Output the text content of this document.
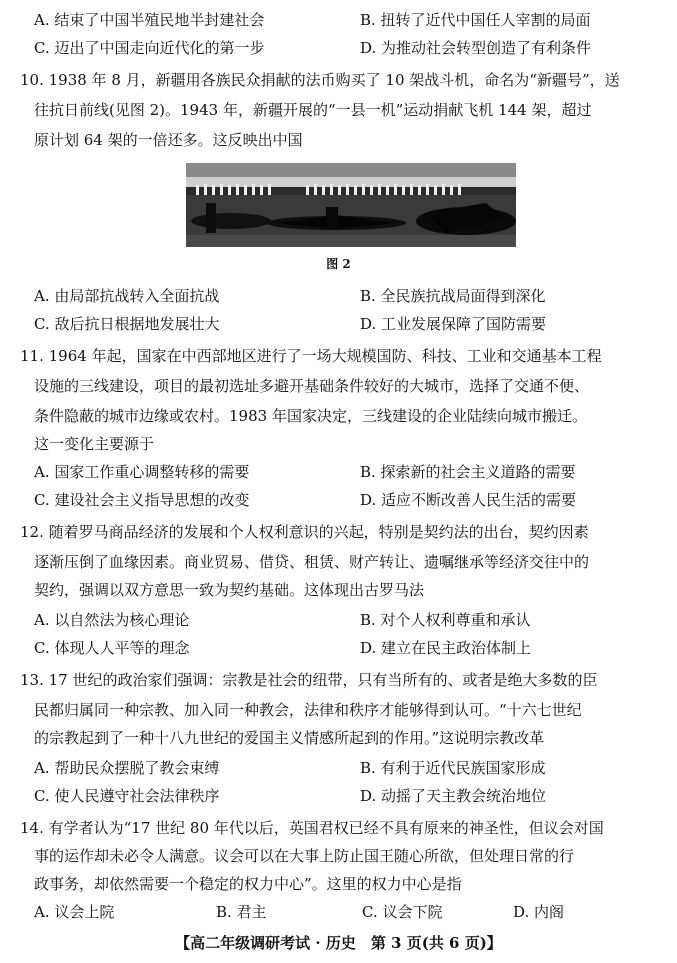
A. 结束了中国半殖民地半封建社会	B. 扭转了近代中国任人宰割的局面
C. 迈出了中国走向近代化的第一步	D. 为推动社会转型创造了有利条件
10. 1938 年 8 月，新疆用各族民众捐献的法币购买了 10 架战斗机，命名为“新疆号”，送
往抗日前线(见图 2)。1943 年，新疆开展的“一县一机”运动捐献飞机 144 架，超过
原计划 64 架的一倍还多。这反映出中国
图 2
A. 由局部抗战转入全面抗战	B. 全民族抗战局面得到深化
C. 敌后抗日根据地发展壮大	D. 工业发展保障了国防需要
11. 1964 年起，国家在中西部地区进行了一场大规模国防、科技、工业和交通基本工程
设施的三线建设，项目的最初选址多避开基础条件较好的大城市，选择了交通不便、
条件隐蔽的城市边缘或农村。1983 年国家决定，三线建设的企业陆续向城市搬迁。
这一变化主要源于
A. 国家工作重心调整转移的需要	B. 探索新的社会主义道路的需要
C. 建设社会主义指导思想的改变	D. 适应不断改善人民生活的需要
12. 随着罗马商品经济的发展和个人权利意识的兴起，特别是契约法的出台，契约因素
逐渐压倒了血缘因素。商业贸易、借贷、租赁、财产转让、遗嘱继承等经济交往中的
契约，强调以双方意思一致为契约基础。这体现出古罗马法
A. 以自然法为核心理论	B. 对个人权利尊重和承认
C. 体现人人平等的理念	D. 建立在民主政治体制上
13. 17 世纪的政治家们强调：宗教是社会的纽带，只有当所有的、或者是绝大多数的臣
民都归属同一种宗教、加入同一种教会，法律和秩序才能够得到认可。“十六七世纪
的宗教起到了一种十八九世纪的爱国主义情感所起到的作用。”这说明宗教改革
A. 帮助民众摆脱了教会束缚	B. 有利于近代民族国家形成
C. 使人民遵守社会法律秩序	D. 动摇了天主教会统治地位
14. 有学者认为“17 世纪 80 年代以后，英国君权已经不具有原来的神圣性，但议会对国
事的运作却未必令人满意。议会可以在大事上防止国王随心所欲，但处理日常的行
政事务，却依然需要一个稳定的权力中心”。这里的权力中心是指
A. 议会上院	B. 君主	C. 议会下院	D. 内阁
【高二年级调研考试 · 历史　第 3 页(共 6 页)】
